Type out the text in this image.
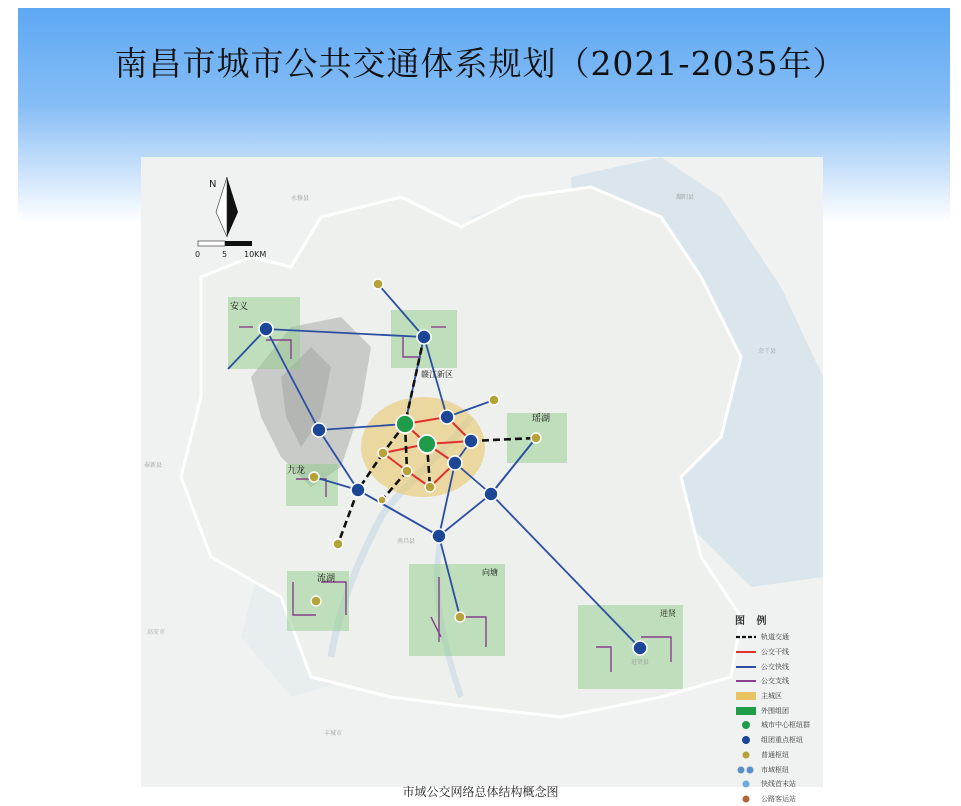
南昌市城市公共交通体系规划（2021-2035年）
N
0	5 10KM
安义
赣江新区
瑶湖
九龙
流湖
向塘
进贤
永修县	鄱阳县
余干县
奉新县
高安市
丰城市
南昌县
进贤县
图 例
轨道交通
公交干线
公交快线
公交支线
主城区
外围组团
城市中心枢纽群
组团重点枢纽
普通枢纽
市域枢纽
快线首末站
公路客运站
市域公交网络总体结构概念图
